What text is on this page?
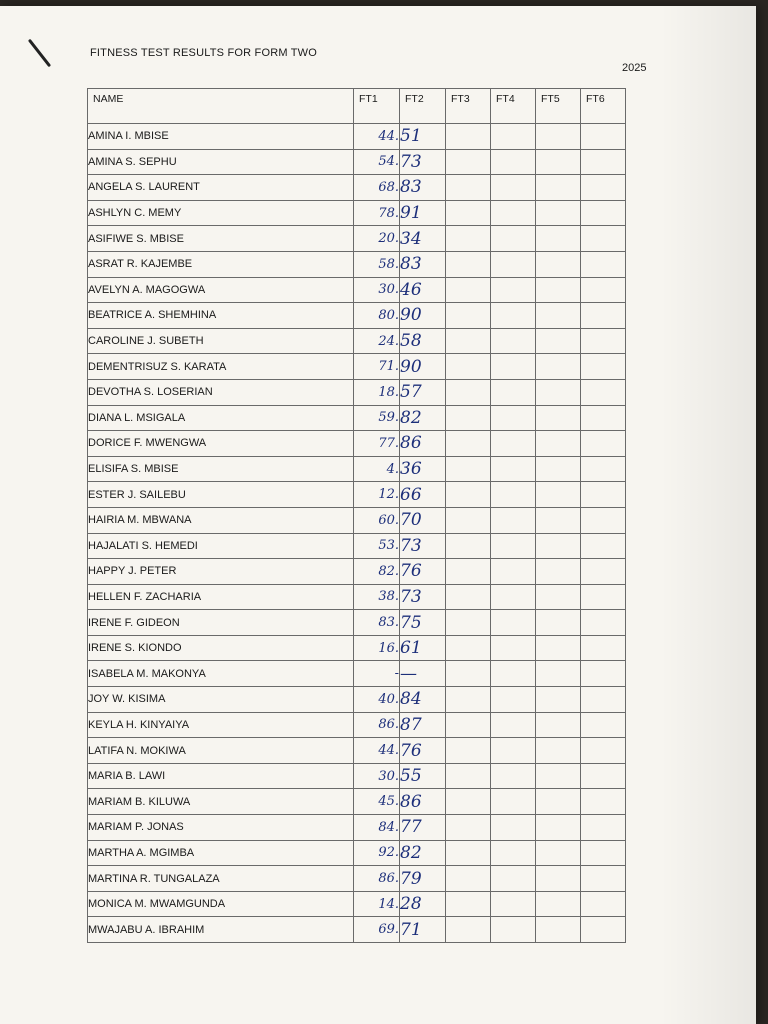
FITNESS TEST RESULTS FOR FORM TWO
2025
NAME	FT1	FT2	FT3	FT4	FT5	FT6
AMINA I. MBISE	44.	51				
AMINA S. SEPHU	54.	73				
ANGELA S. LAURENT	68.	83				
ASHLYN C. MEMY	78.	91				
ASIFIWE S. MBISE	20.	34				
ASRAT R. KAJEMBE	58.	83				
AVELYN A. MAGOGWA	30.	46				
BEATRICE A. SHEMHINA	80.	90				
CAROLINE J. SUBETH	24.	58				
DEMENTRISUZ S. KARATA	71.	90				
DEVOTHA S. LOSERIAN	18.	57				
DIANA L. MSIGALA	59.	82				
DORICE F. MWENGWA	77.	86				
ELISIFA S. MBISE	4.	36				
ESTER J. SAILEBU	12.	66				
HAIRIA M. MBWANA	60.	70				
HAJALATI S. HEMEDI	53.	73				
HAPPY J. PETER	82.	76				
HELLEN F. ZACHARIA	38.	73				
IRENE F. GIDEON	83.	75				
IRENE S. KIONDO	16.	61				
ISABELA M. MAKONYA	-	—				
JOY W. KISIMA	40.	84				
KEYLA H. KINYAIYA	86.	87				
LATIFA N. MOKIWA	44.	76				
MARIA B. LAWI	30.	55				
MARIAM B. KILUWA	45.	86				
MARIAM P. JONAS	84.	77				
MARTHA A. MGIMBA	92.	82				
MARTINA R. TUNGALAZA	86.	79				
MONICA M. MWAMGUNDA	14.	28				
MWAJABU A. IBRAHIM	69.	71				
